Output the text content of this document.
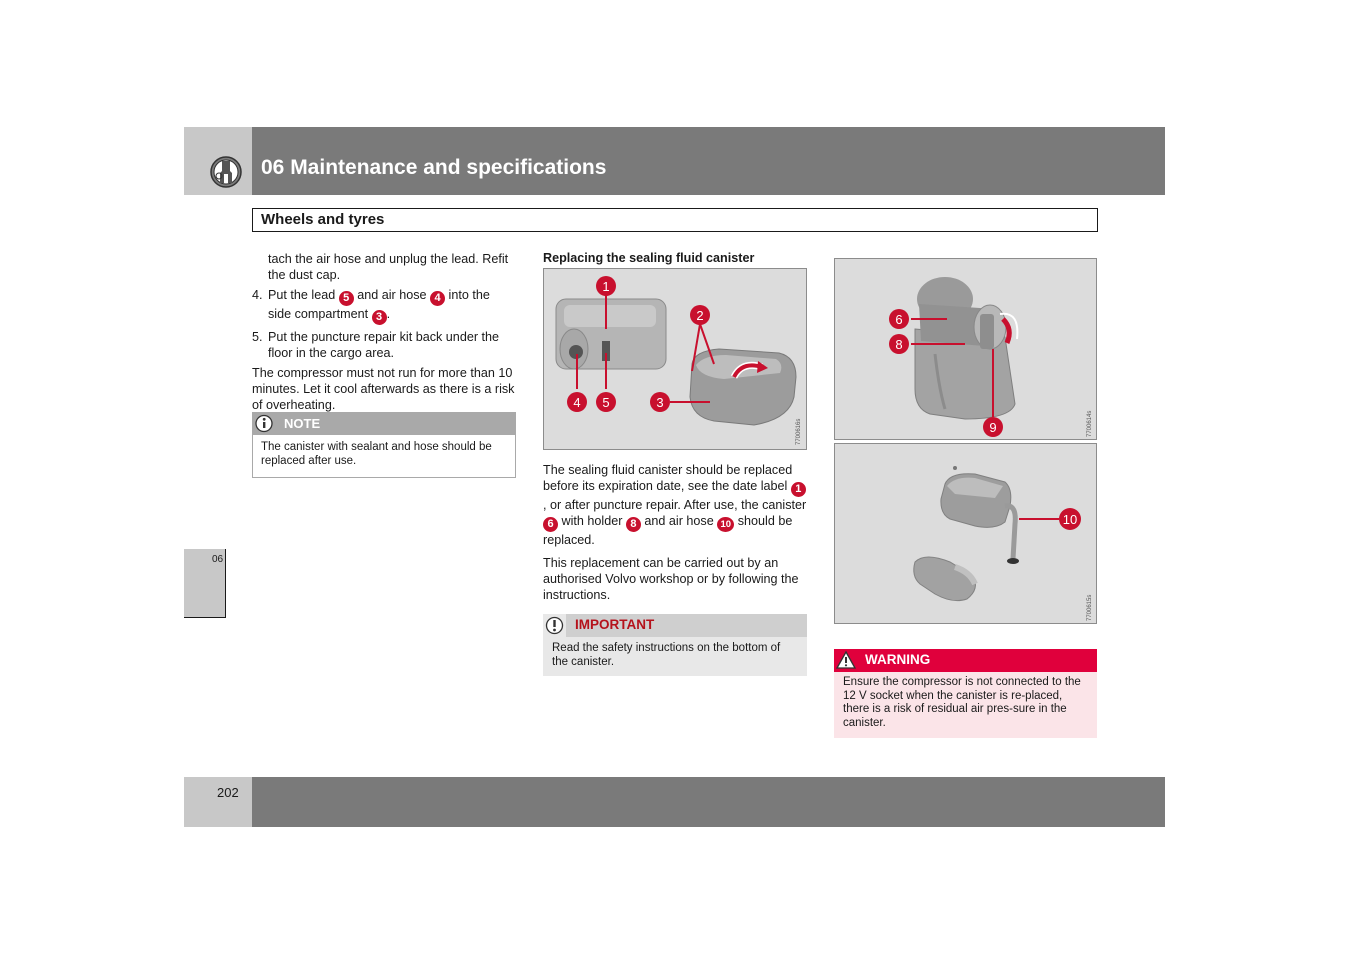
06 Maintenance and specifications
Wheels and tyres
06
tach the air hose and unplug the lead. Refit the dust cap.
4. Put the lead 5 and air hose 4 into the side compartment 3 .
5. Put the puncture repair kit back under the floor in the cargo area.
The compressor must not run for more than 10 minutes. Let it cool afterwards as there is a risk of overheating.
NOTE
The canister with sealant and hose should be replaced after use.
Replacing the sealing fluid canister
1
2
3
4 5
7700616s
The sealing fluid canister should be replaced before its expiration date, see the date label 1, or after puncture repair. After use, the canister 6 with holder 8 and air hose 10 should be replaced.
This replacement can be carried out by an authorised Volvo workshop or by following the instructions.
IMPORTANT
Read the safety instructions on the bottom of the canister.
6
8
9	7700614s
10
7700615s
WARNING
Ensure the compressor is not connected to the 12 V socket when the canister is re-placed, there is a risk of residual air pres-sure in the canister.
202
